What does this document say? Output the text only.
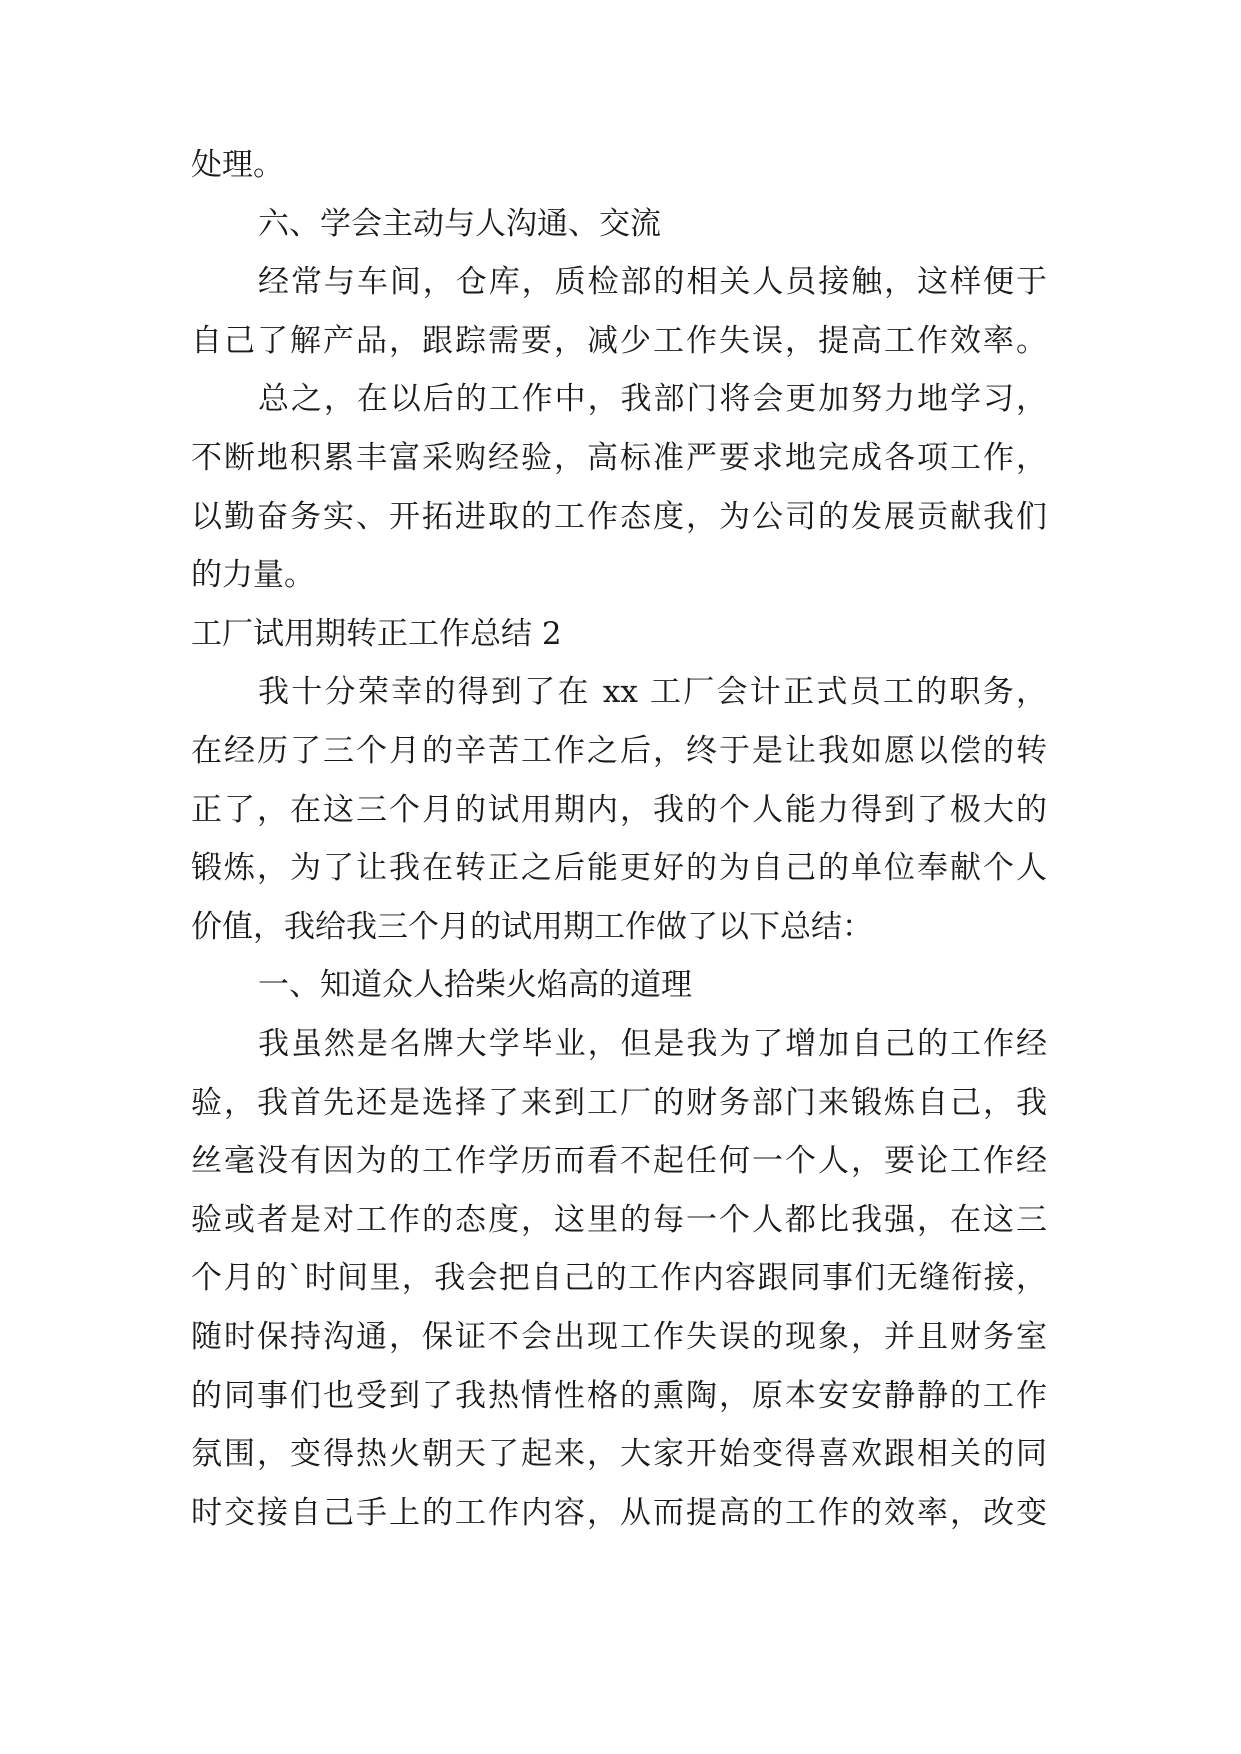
处理。
六、学会主动与人沟通、交流
经常与车间，仓库，质检部的相关人员接触，这样便于
自己了解产品，跟踪需要，减少工作失误，提高工作效率。
总之，在以后的工作中，我部门将会更加努力地学习，
不断地积累丰富采购经验，高标准严要求地完成各项工作，
以勤奋务实、开拓进取的工作态度，为公司的发展贡献我们
的力量。
工厂试用期转正工作总结 2
我十分荣幸的得到了在 xx 工厂会计正式员工的职务，
在经历了三个月的辛苦工作之后，终于是让我如愿以偿的转
正了，在这三个月的试用期内，我的个人能力得到了极大的
锻炼，为了让我在转正之后能更好的为自己的单位奉献个人
价值，我给我三个月的试用期工作做了以下总结：
一、知道众人拾柴火焰高的道理
我虽然是名牌大学毕业，但是我为了增加自己的工作经
验，我首先还是选择了来到工厂的财务部门来锻炼自己，我
丝毫没有因为的工作学历而看不起任何一个人，要论工作经
验或者是对工作的态度，这里的每一个人都比我强，在这三
个月的`时间里，我会把自己的工作内容跟同事们无缝衔接，
随时保持沟通，保证不会出现工作失误的现象，并且财务室
的同事们也受到了我热情性格的熏陶，原本安安静静的工作
氛围，变得热火朝天了起来，大家开始变得喜欢跟相关的同
时交接自己手上的工作内容，从而提高的工作的效率，改变
